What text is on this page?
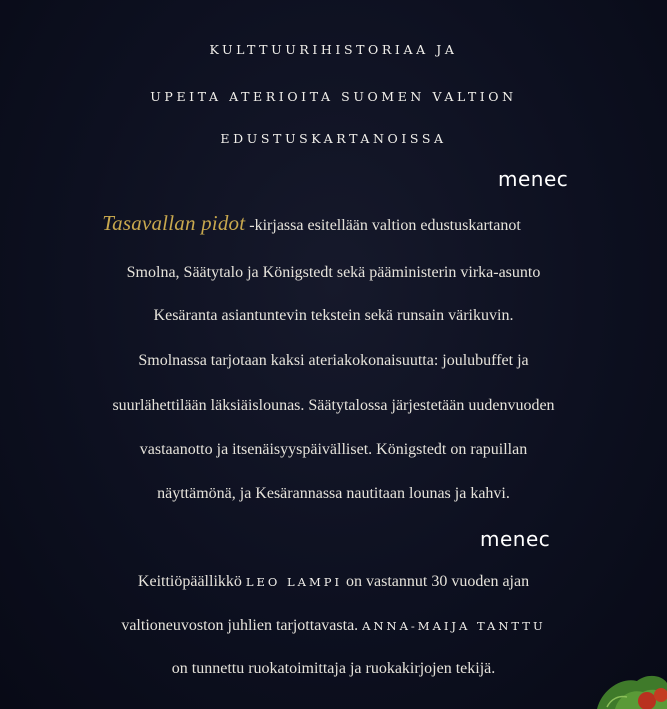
KULTTUURIHISTORIAA JA
UPEITA ATERIOITA SUOMEN VALTION
EDUSTUSKARTANOISSA
menec
Tasavallan pidot -kirjassa esitellään valtion edustuskartanot
Smolna, Säätytalo ja Königstedt sekä pääministerin virka-asunto
Kesäranta asiantuntevin tekstein sekä runsain värikuvin.
Smolnassa tarjotaan kaksi ateriakokonaisuutta: joulubuffet ja
suurlähettilään läksiäislounas. Säätytalossa järjestetään uudenvuoden
vastaanotto ja itsenäisyyspäivälliset. Königstedt on rapuillan
näyttämönä, ja Kesärannassa nautitaan lounas ja kahvi.
menec
Keittiöpäällikkö LEO LAMPI on vastannut 30 vuoden ajan
valtioneuvoston juhlien tarjottavasta. ANNA-MAIJA TANTTU
on tunnettu ruokatoimittaja ja ruokakirjojen tekijä.
